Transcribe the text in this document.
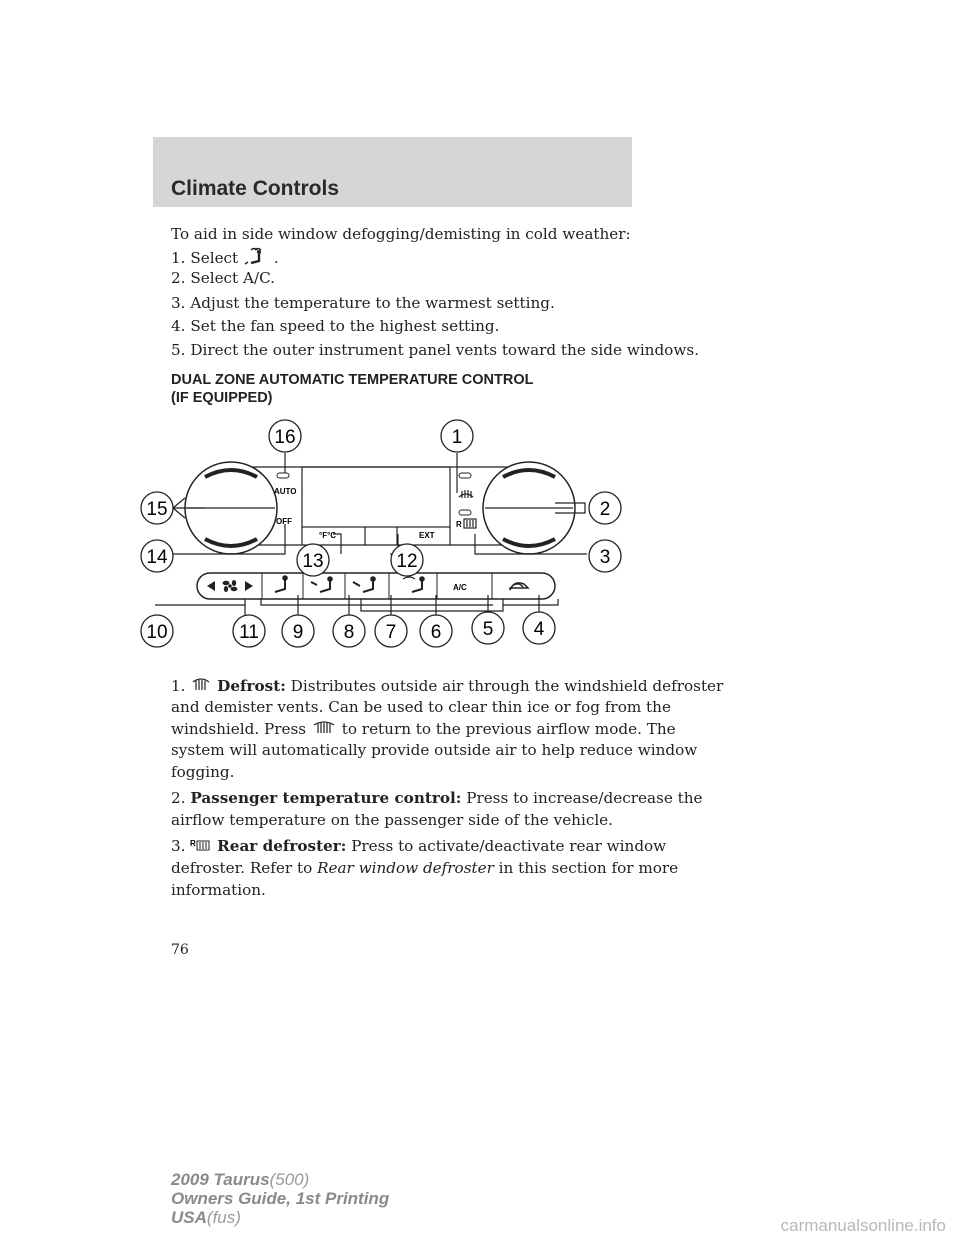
Climate Controls
To aid in side window defogging/demisting in cold weather:
1. Select .
2. Select A/C.
3. Adjust the temperature to the warmest setting.
4. Set the fan speed to the highest setting.
5. Direct the outer instrument panel vents toward the side windows.
DUAL ZONE AUTOMATIC TEMPERATURE CONTROL
(IF EQUIPPED)
AUTO
OFF
°F°C	EXT
R
A/C
16	1
15	2
14	3
13	12
10	11 9 8 7 6 5 4
1. Defrost: Distributes outside air through the windshield defroster
and demister vents. Can be used to clear thin ice or fog from the
windshield. Press to return to the previous airflow mode. The
system will automatically provide outside air to help reduce window
fogging.
2. Passenger temperature control: Press to increase/decrease the
airflow temperature on the passenger side of the vehicle.
3. R Rear defroster: Press to activate/deactivate rear window
defroster. Refer to Rear window defroster in this section for more
information.
76
2009 Taurus(500)
Owners Guide, 1st Printing
USA(fus)	carmanualsonline.info
